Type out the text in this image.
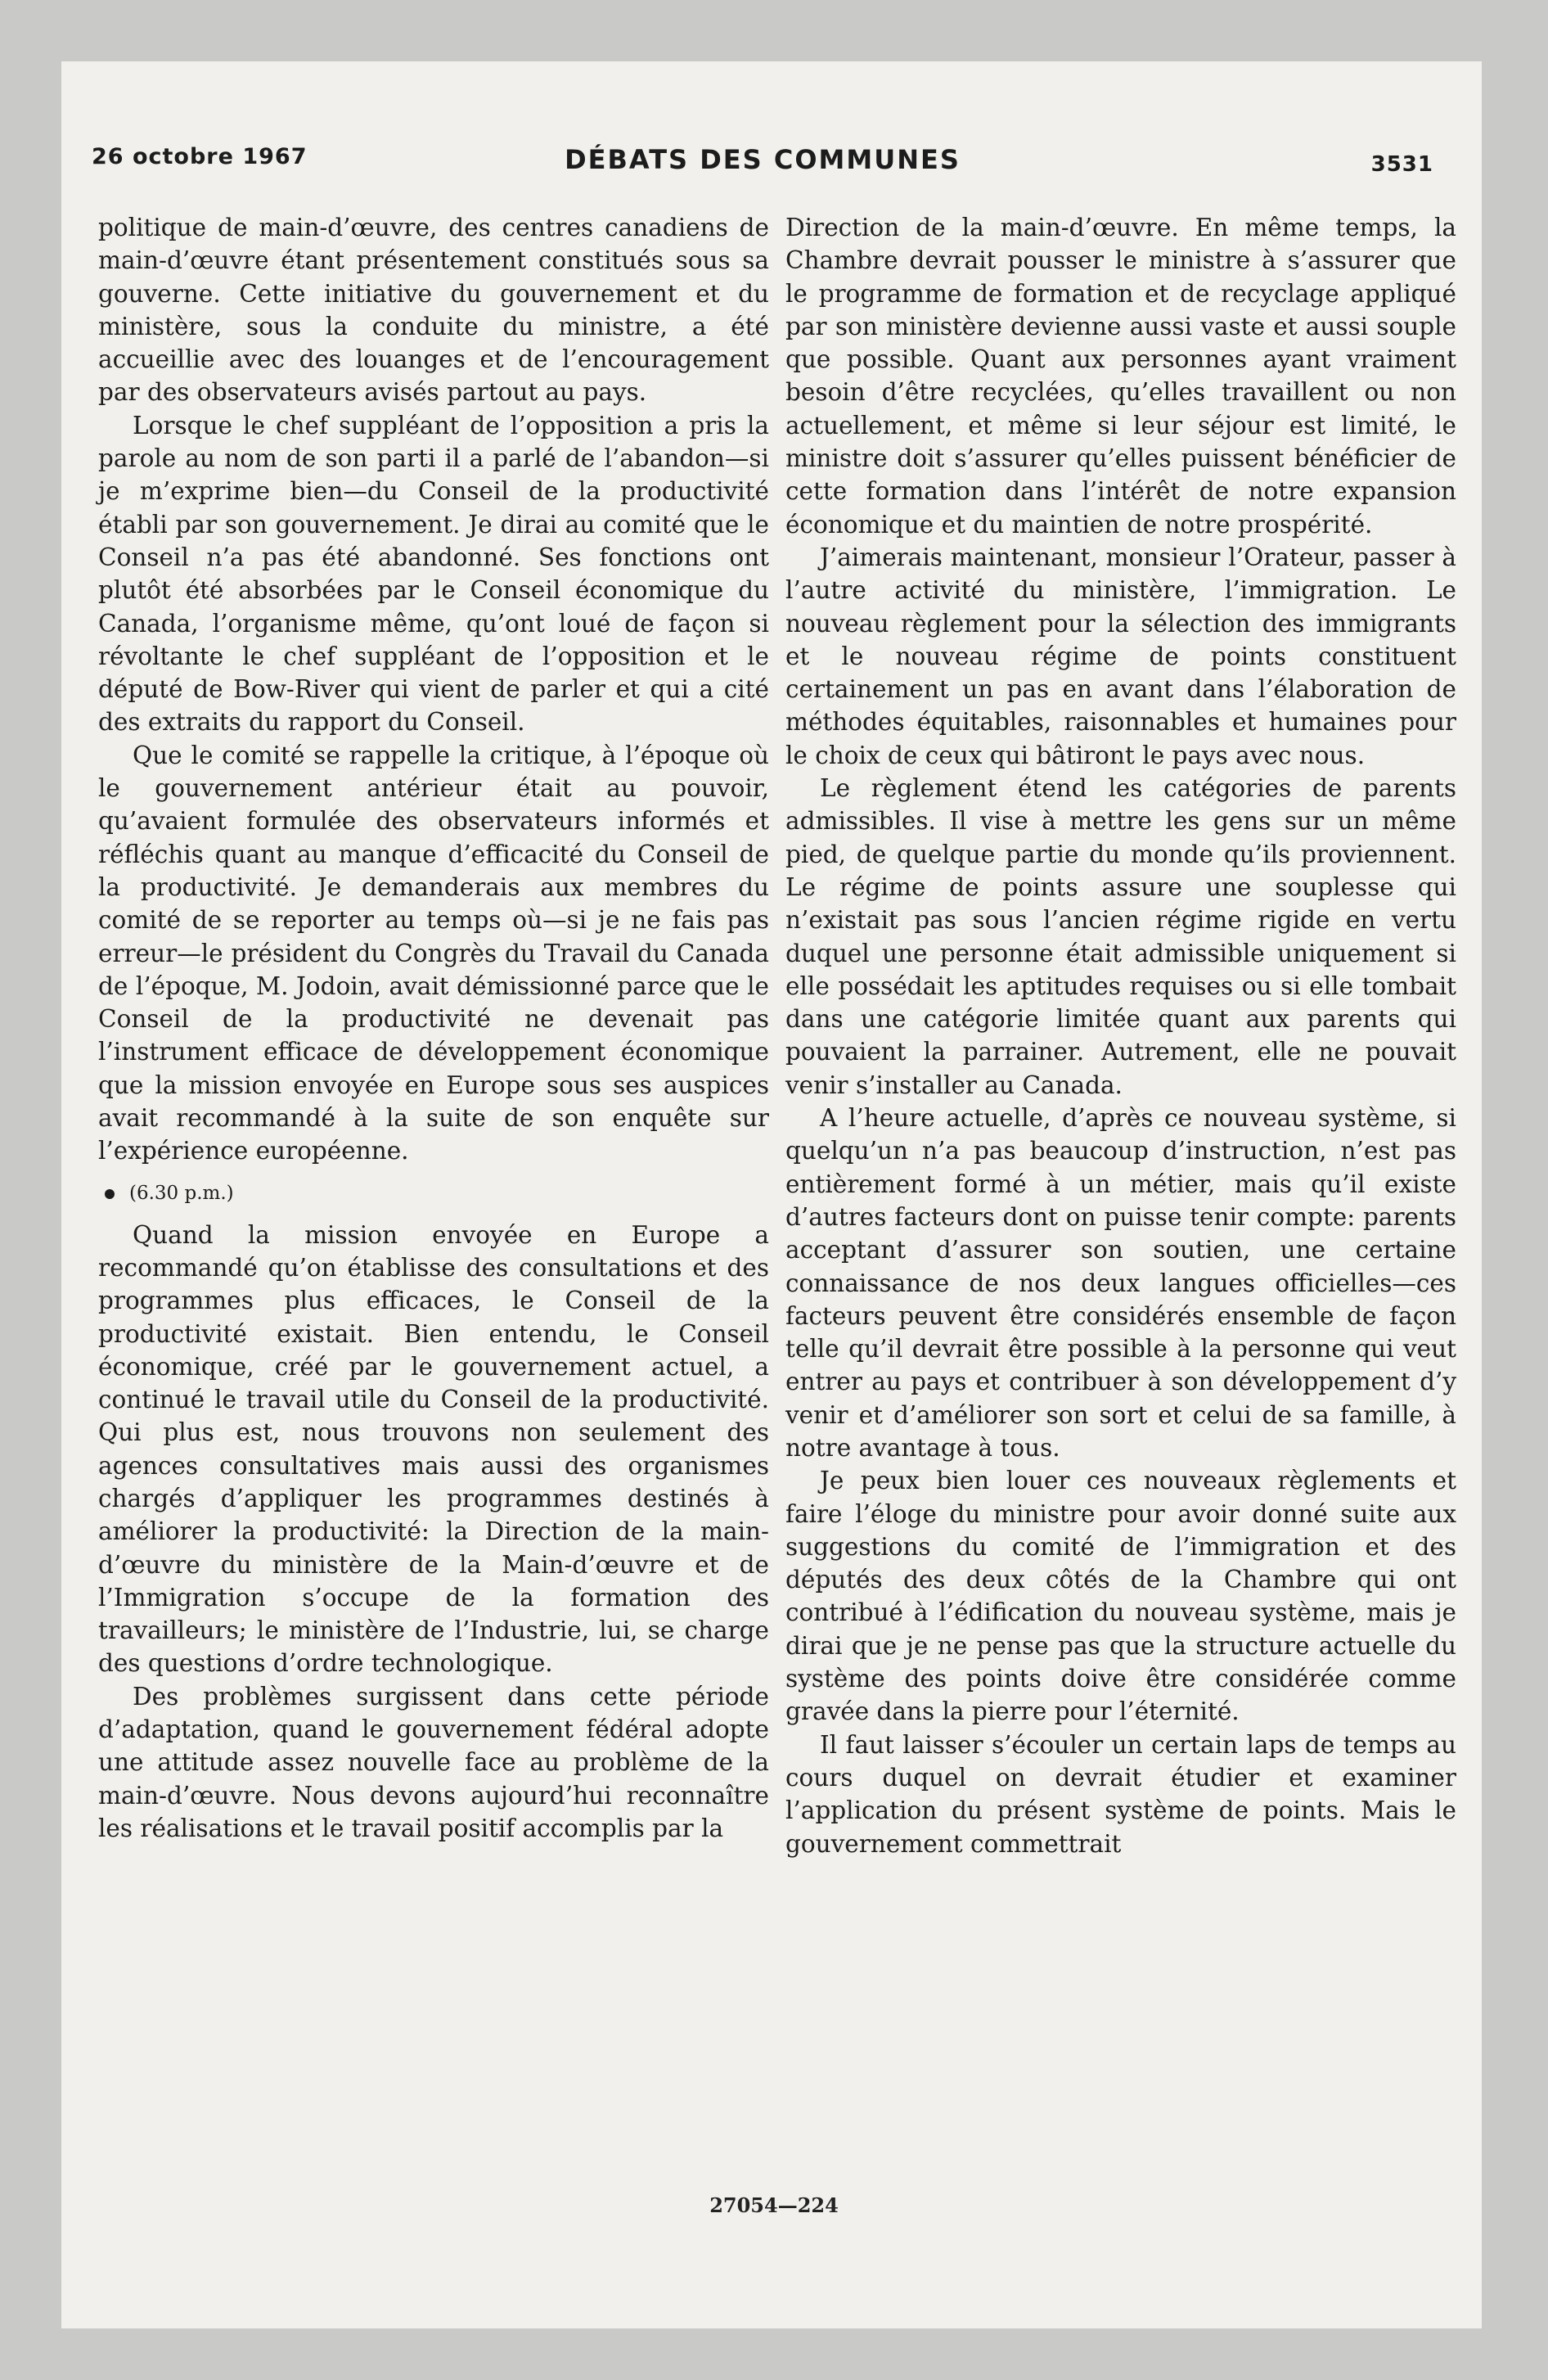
26 octobre 1967	DÉBATS DES COMMUNES	3531

politique de main-d’œuvre, des centres canadiens de main-d’œuvre étant présentement constitués sous sa gouverne. Cette initiative du gouvernement et du ministère, sous la conduite du ministre, a été accueillie avec des louanges et de l’encouragement par des observateurs avisés partout au pays.

Lorsque le chef suppléant de l’opposition a pris la parole au nom de son parti il a parlé de l’abandon—si je m’exprime bien—du Conseil de la productivité établi par son gouvernement. Je dirai au comité que le Conseil n’a pas été abandonné. Ses fonctions ont plutôt été absorbées par le Conseil économique du Canada, l’organisme même, qu’ont loué de façon si révoltante le chef suppléant de l’opposition et le député de Bow-River qui vient de parler et qui a cité des extraits du rapport du Conseil.

Que le comité se rappelle la critique, à l’époque où le gouvernement antérieur était au pouvoir, qu’avaient formulée des observateurs informés et réfléchis quant au manque d’efficacité du Conseil de la productivité. Je demanderais aux membres du comité de se reporter au temps où—si je ne fais pas erreur—le président du Congrès du Travail du Canada de l’époque, M. Jodoin, avait démissionné parce que le Conseil de la productivité ne devenait pas l’instrument efficace de développement économique que la mission envoyée en Europe sous ses auspices avait recommandé à la suite de son enquête sur l’expérience européenne.

(6.30 p.m.)

Quand la mission envoyée en Europe a recommandé qu’on établisse des consultations et des programmes plus efficaces, le Conseil de la productivité existait. Bien entendu, le Conseil économique, créé par le gouvernement actuel, a continué le travail utile du Conseil de la productivité. Qui plus est, nous trouvons non seulement des agences consultatives mais aussi des organismes chargés d’appliquer les programmes destinés à améliorer la productivité: la Direction de la main-d’œuvre du ministère de la Main-d’œuvre et de l’Immigration s’occupe de la formation des travailleurs; le ministère de l’Industrie, lui, se charge des questions d’ordre technologique.

Des problèmes surgissent dans cette période d’adaptation, quand le gouvernement fédéral adopte une attitude assez nouvelle face au problème de la main-d’œuvre. Nous devons aujourd’hui reconnaître les réalisations et le travail positif accomplis par la

Direction de la main-d’œuvre. En même temps, la Chambre devrait pousser le ministre à s’assurer que le programme de formation et de recyclage appliqué par son ministère devienne aussi vaste et aussi souple que possible. Quant aux personnes ayant vraiment besoin d’être recyclées, qu’elles travaillent ou non actuellement, et même si leur séjour est limité, le ministre doit s’assurer qu’elles puissent bénéficier de cette formation dans l’intérêt de notre expansion économique et du maintien de notre prospérité.

J’aimerais maintenant, monsieur l’Orateur, passer à l’autre activité du ministère, l’immigration. Le nouveau règlement pour la sélection des immigrants et le nouveau régime de points constituent certainement un pas en avant dans l’élaboration de méthodes équitables, raisonnables et humaines pour le choix de ceux qui bâtiront le pays avec nous.

Le règlement étend les catégories de parents admissibles. Il vise à mettre les gens sur un même pied, de quelque partie du monde qu’ils proviennent. Le régime de points assure une souplesse qui n’existait pas sous l’ancien régime rigide en vertu duquel une personne était admissible uniquement si elle possédait les aptitudes requises ou si elle tombait dans une catégorie limitée quant aux parents qui pouvaient la parrainer. Autrement, elle ne pouvait venir s’installer au Canada.

A l’heure actuelle, d’après ce nouveau système, si quelqu’un n’a pas beaucoup d’instruction, n’est pas entièrement formé à un métier, mais qu’il existe d’autres facteurs dont on puisse tenir compte: parents acceptant d’assurer son soutien, une certaine connaissance de nos deux langues officielles—ces facteurs peuvent être considérés ensemble de façon telle qu’il devrait être possible à la personne qui veut entrer au pays et contribuer à son développement d’y venir et d’améliorer son sort et celui de sa famille, à notre avantage à tous.

Je peux bien louer ces nouveaux règlements et faire l’éloge du ministre pour avoir donné suite aux suggestions du comité de l’immigration et des députés des deux côtés de la Chambre qui ont contribué à l’édification du nouveau système, mais je dirai que je ne pense pas que la structure actuelle du système des points doive être considérée comme gravée dans la pierre pour l’éternité.

Il faut laisser s’écouler un certain laps de temps au cours duquel on devrait étudier et examiner l’application du présent système de points. Mais le gouvernement commettrait

27054—224
